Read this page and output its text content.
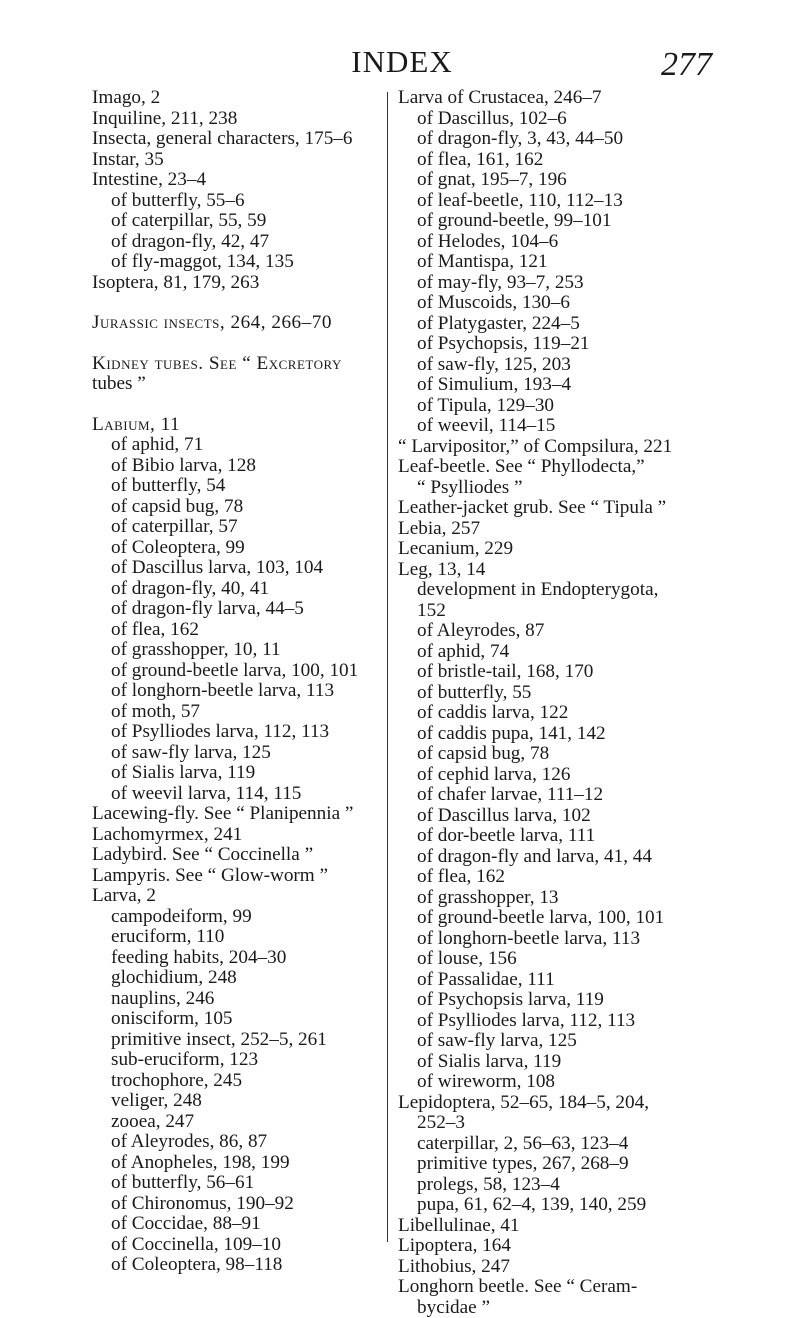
INDEX	277
Imago, 2
Inquiline, 211, 238
Insecta, general characters, 175–6
Instar, 35
Intestine, 23–4
of butterfly, 55–6
of caterpillar, 55, 59
of dragon-fly, 42, 47
of fly-maggot, 134, 135
Isoptera, 81, 179, 263
Jurassic insects, 264, 266–70
Kidney tubes. See “ Excretory
tubes ”
Labium, 11
of aphid, 71
of Bibio larva, 128
of butterfly, 54
of capsid bug, 78
of caterpillar, 57
of Coleoptera, 99
of Dascillus larva, 103, 104
of dragon-fly, 40, 41
of dragon-fly larva, 44–5
of flea, 162
of grasshopper, 10, 11
of ground-beetle larva, 100, 101
of longhorn-beetle larva, 113
of moth, 57
of Psylliodes larva, 112, 113
of saw-fly larva, 125
of Sialis larva, 119
of weevil larva, 114, 115
Lacewing-fly. See “ Planipennia ”
Lachomyrmex, 241
Ladybird. See “ Coccinella ”
Lampyris. See “ Glow-worm ”
Larva, 2
campodeiform, 99
eruciform, 110
feeding habits, 204–30
glochidium, 248
nauplins, 246
onisciform, 105
primitive insect, 252–5, 261
sub-eruciform, 123
trochophore, 245
veliger, 248
zooea, 247
of Aleyrodes, 86, 87
of Anopheles, 198, 199
of butterfly, 56–61
of Chironomus, 190–92
of Coccidae, 88–91
of Coccinella, 109–10
of Coleoptera, 98–118
Larva of Crustacea, 246–7
of Dascillus, 102–6
of dragon-fly, 3, 43, 44–50
of flea, 161, 162
of gnat, 195–7, 196
of leaf-beetle, 110, 112–13
of ground-beetle, 99–101
of Helodes, 104–6
of Mantispa, 121
of may-fly, 93–7, 253
of Muscoids, 130–6
of Platygaster, 224–5
of Psychopsis, 119–21
of saw-fly, 125, 203
of Simulium, 193–4
of Tipula, 129–30
of weevil, 114–15
“ Larvipositor,” of Compsilura, 221
Leaf-beetle. See “ Phyllodecta,”
“ Psylliodes ”
Leather-jacket grub. See “ Tipula ”
Lebia, 257
Lecanium, 229
Leg, 13, 14
development in Endopterygota,
152
of Aleyrodes, 87
of aphid, 74
of bristle-tail, 168, 170
of butterfly, 55
of caddis larva, 122
of caddis pupa, 141, 142
of capsid bug, 78
of cephid larva, 126
of chafer larvae, 111–12
of Dascillus larva, 102
of dor-beetle larva, 111
of dragon-fly and larva, 41, 44
of flea, 162
of grasshopper, 13
of ground-beetle larva, 100, 101
of longhorn-beetle larva, 113
of louse, 156
of Passalidae, 111
of Psychopsis larva, 119
of Psylliodes larva, 112, 113
of saw-fly larva, 125
of Sialis larva, 119
of wireworm, 108
Lepidoptera, 52–65, 184–5, 204,
252–3
caterpillar, 2, 56–63, 123–4
primitive types, 267, 268–9
prolegs, 58, 123–4
pupa, 61, 62–4, 139, 140, 259
Libellulinae, 41
Lipoptera, 164
Lithobius, 247
Longhorn beetle. See “ Ceram-
bycidae ”
